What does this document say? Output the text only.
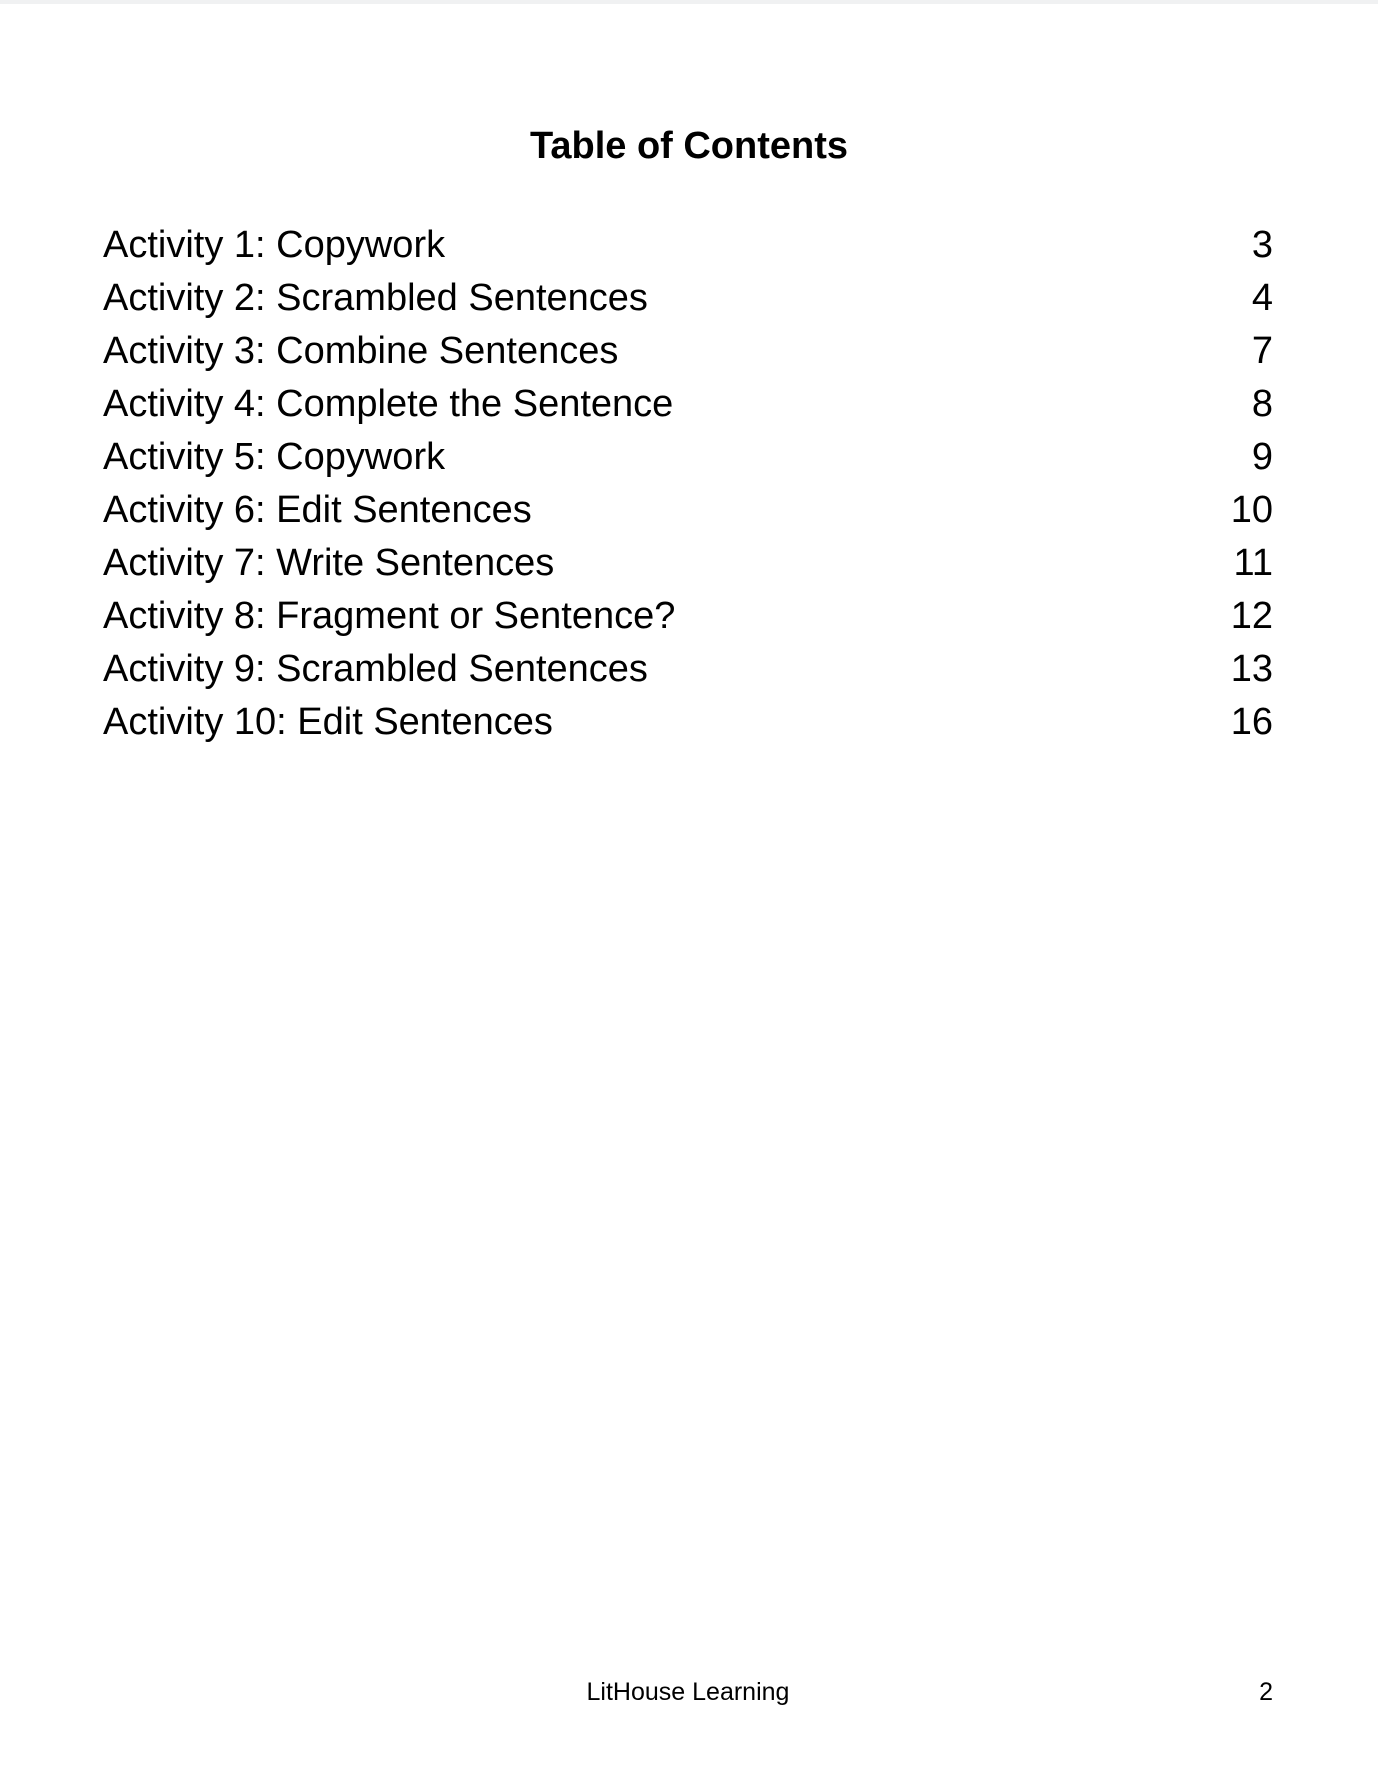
Table of Contents
Activity 1: Copywork	3
Activity 2: Scrambled Sentences	4
Activity 3: Combine Sentences	7
Activity 4: Complete the Sentence	8
Activity 5: Copywork	9
Activity 6: Edit Sentences	10
Activity 7: Write Sentences	11
Activity 8: Fragment or Sentence?	12
Activity 9: Scrambled Sentences	13
Activity 10: Edit Sentences	16
LitHouse Learning	2
